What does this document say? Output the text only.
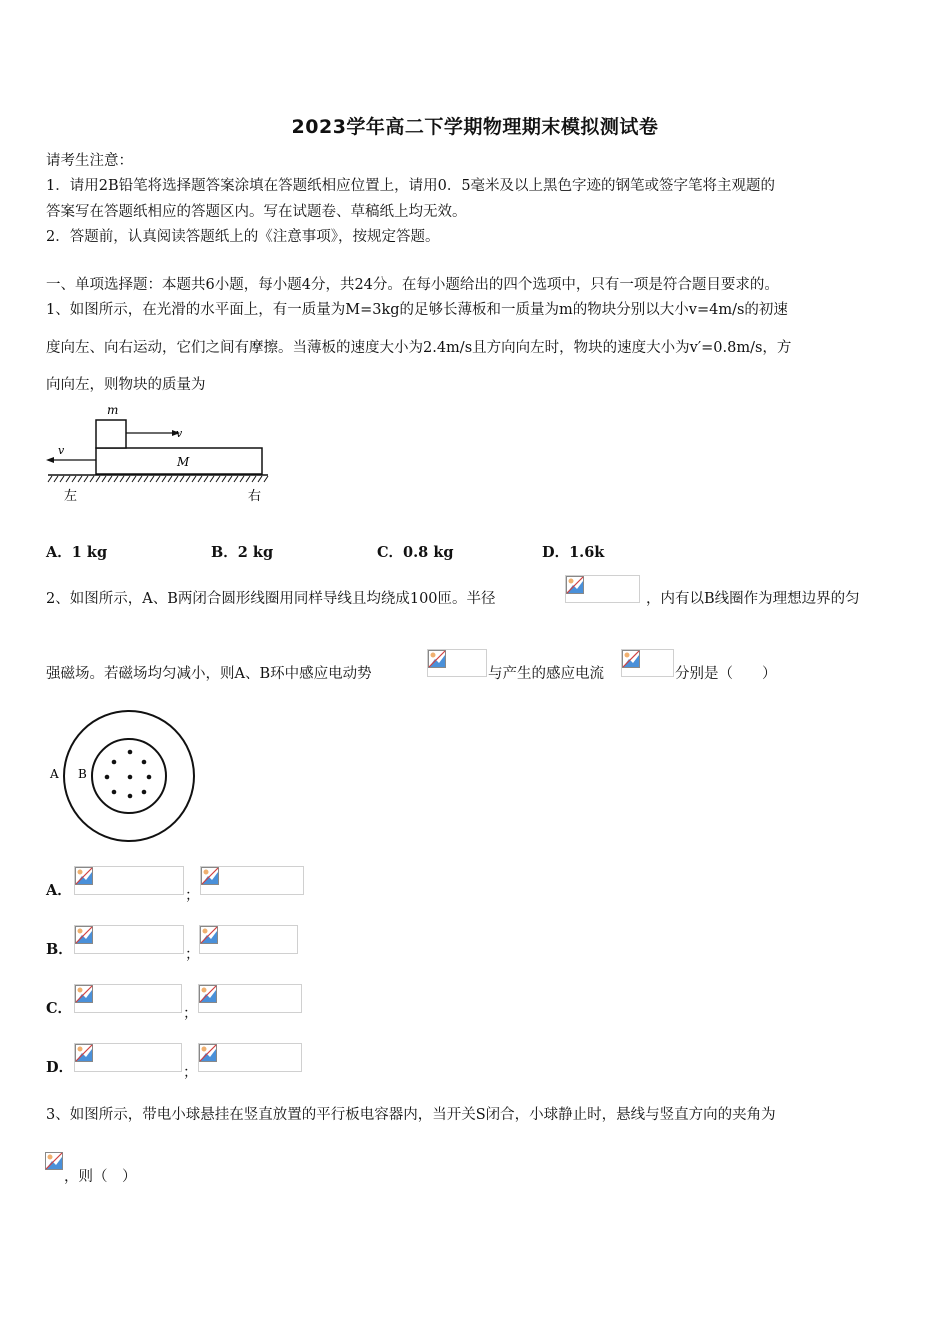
2023学年高二下学期物理期末模拟测试卷
请考生注意：
1．请用2B铅笔将选择题答案涂填在答题纸相应位置上，请用0．5毫米及以上黑色字迹的钢笔或签字笔将主观题的
答案写在答题纸相应的答题区内。写在试题卷、草稿纸上均无效。
2．答题前，认真阅读答题纸上的《注意事项》，按规定答题。
一、单项选择题：本题共6小题，每小题4分，共24分。在每小题给出的四个选项中，只有一项是符合题目要求的。
1、如图所示，在光滑的水平面上，有一质量为M=3kg的足够长薄板和一质量为m的物块分别以大小v=4m/s的初速
度向左、向右运动，它们之间有摩擦。当薄板的速度大小为2.4m/s且方向向左时，物块的速度大小为v′=0.8m/s，方
向向左，则物块的质量为
m
M
v
v
左	右
A．1 kg	B．2 kg	C．0.8 kg	D．1.6k
2、如图所示，A、B两闭合圆形线圈用同样导线且均绕成100匝。半径	，内有以B线圈作为理想边界的匀
强磁场。若磁场均匀减小，则A、B环中感应电动势	与产生的感应电流	分别是（　　）
A B
A．	；
B．	；
C．	；
D．	；
3、如图所示，带电小球悬挂在竖直放置的平行板电容器内，当开关S闭合，小球静止时，悬线与竖直方向的夹角为
，则（　）
